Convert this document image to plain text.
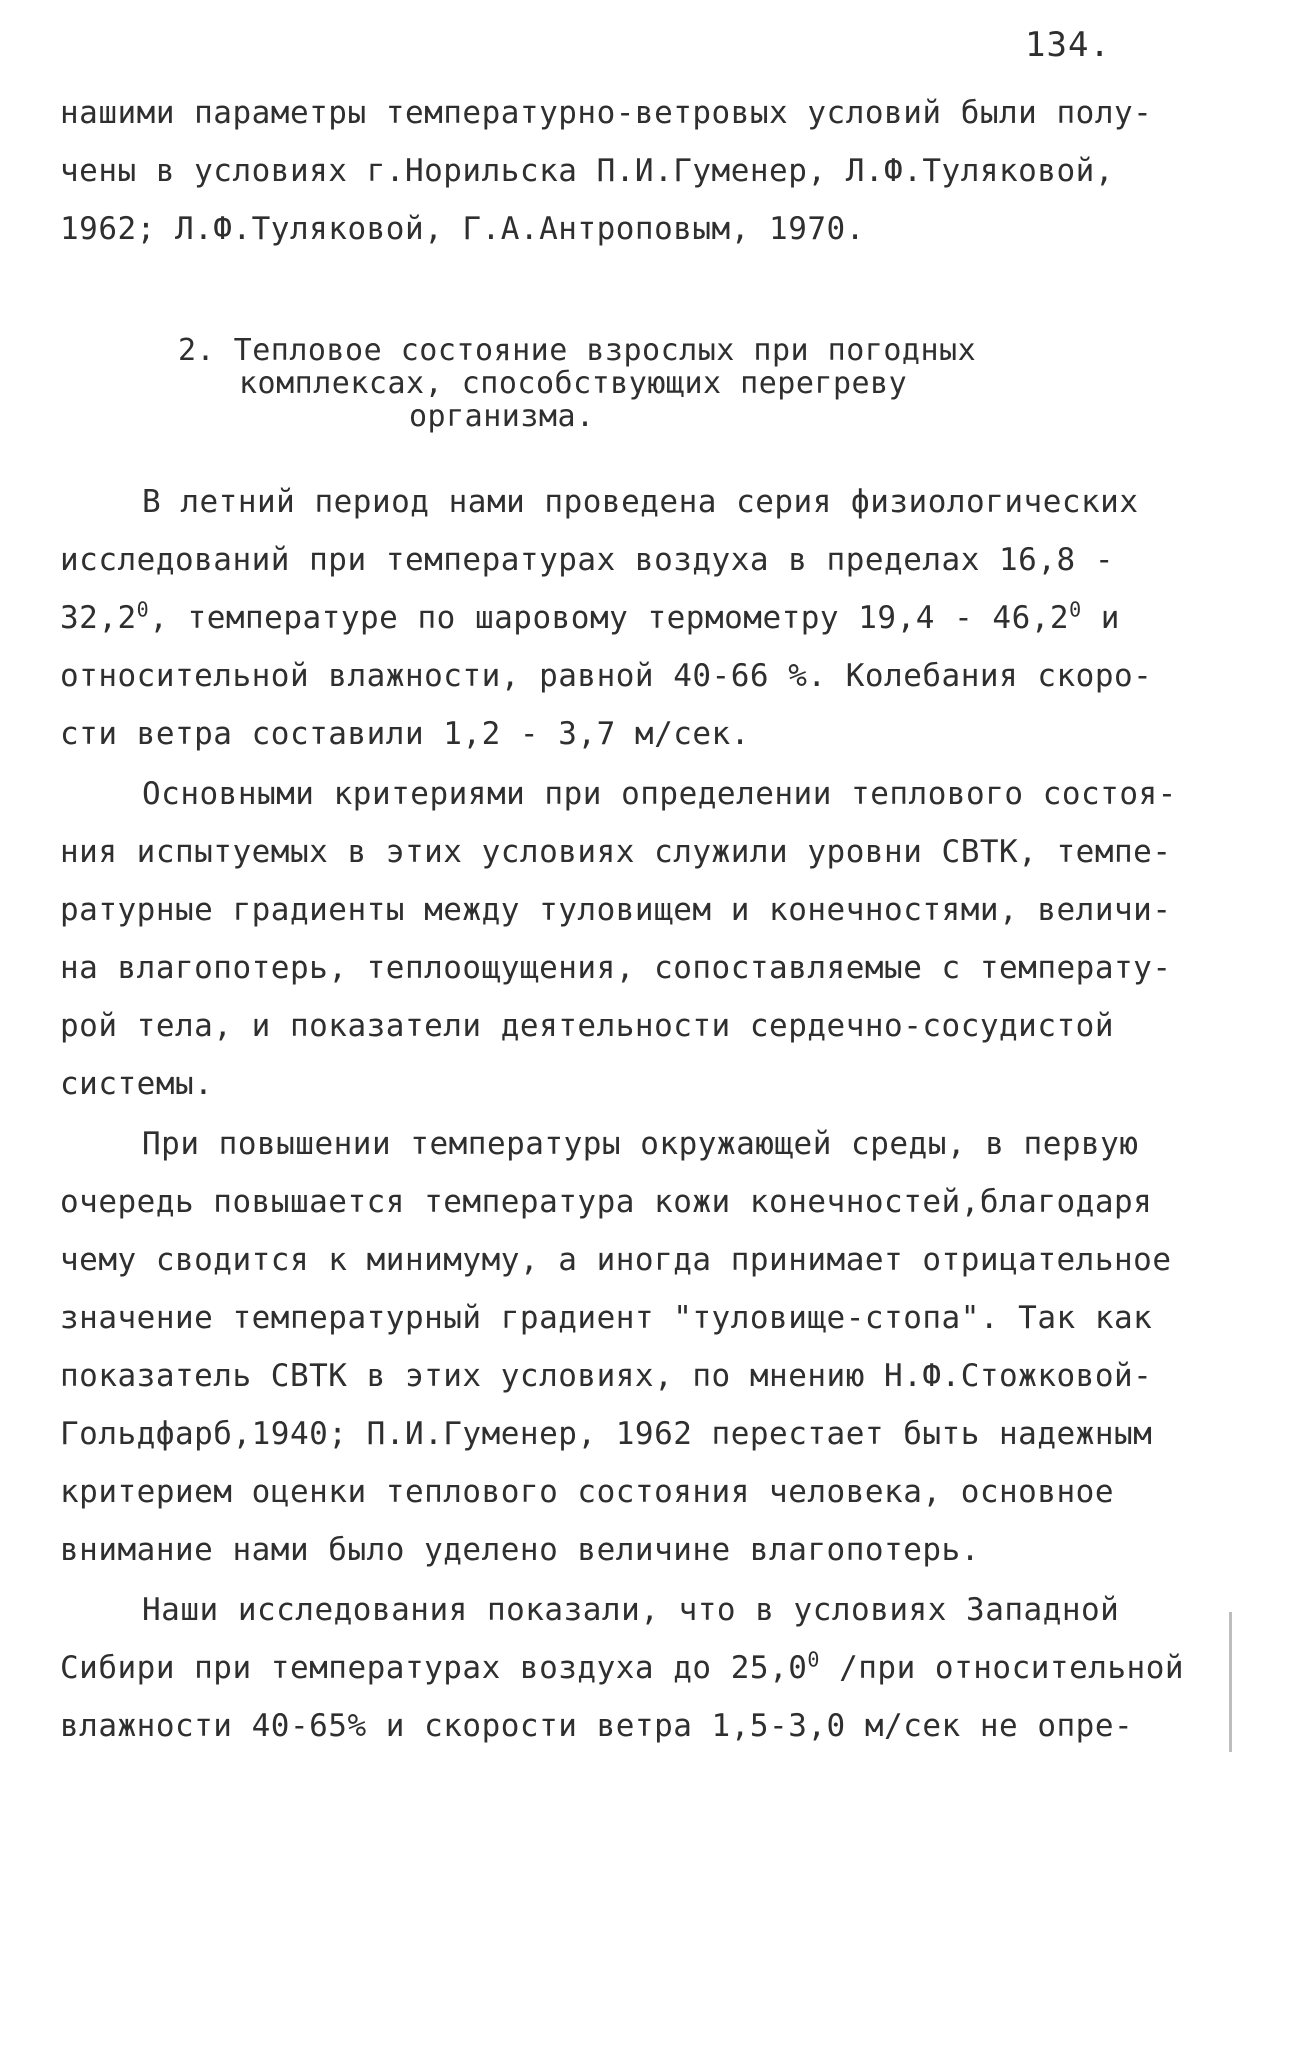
134.
нашими параметры температурно-ветровых условий были полу-
чены в условиях г.Норильска П.И.Гуменер, Л.Ф.Туляковой,
1962; Л.Ф.Туляковой, Г.А.Антроповым, 1970.
2. Тепловое состояние взрослых при погодных
комплексах, способствующих перегреву
организма.
В летний период нами проведена серия физиологических
исследований при температурах воздуха в пределах 16,8 -
32,2$^0$, температуре по шаровому термометру 19,4 - 46,2$^0$ и
относительной влажности, равной 40-66 %. Колебания скоро-
сти ветра составили 1,2 - 3,7 м/сек.
Основными критериями при определении теплового состоя-
ния испытуемых в этих условиях служили уровни СВТК, темпе-
ратурные градиенты между туловищем и конечностями, величи-
на влагопотерь, теплоощущения, сопоставляемые с температу-
рой тела, и показатели деятельности сердечно-сосудистой
системы.
При повышении температуры окружающей среды, в первую
очередь повышается температура кожи конечностей,благодаря
чему сводится к минимуму, а иногда принимает отрицательное
значение температурный градиент "туловище-стопа". Так как
показатель СВТК в этих условиях, по мнению Н.Ф.Стожковой-
Гольдфарб,1940; П.И.Гуменер, 1962 перестает быть надежным
критерием оценки теплового состояния человека, основное
внимание нами было уделено величине влагопотерь.
Наши исследования показали, что в условиях Западной
Сибири при температурах воздуха до 25,0$^0$ /при относительной
влажности 40-65% и скорости ветра 1,5-3,0 м/сек не опре-
